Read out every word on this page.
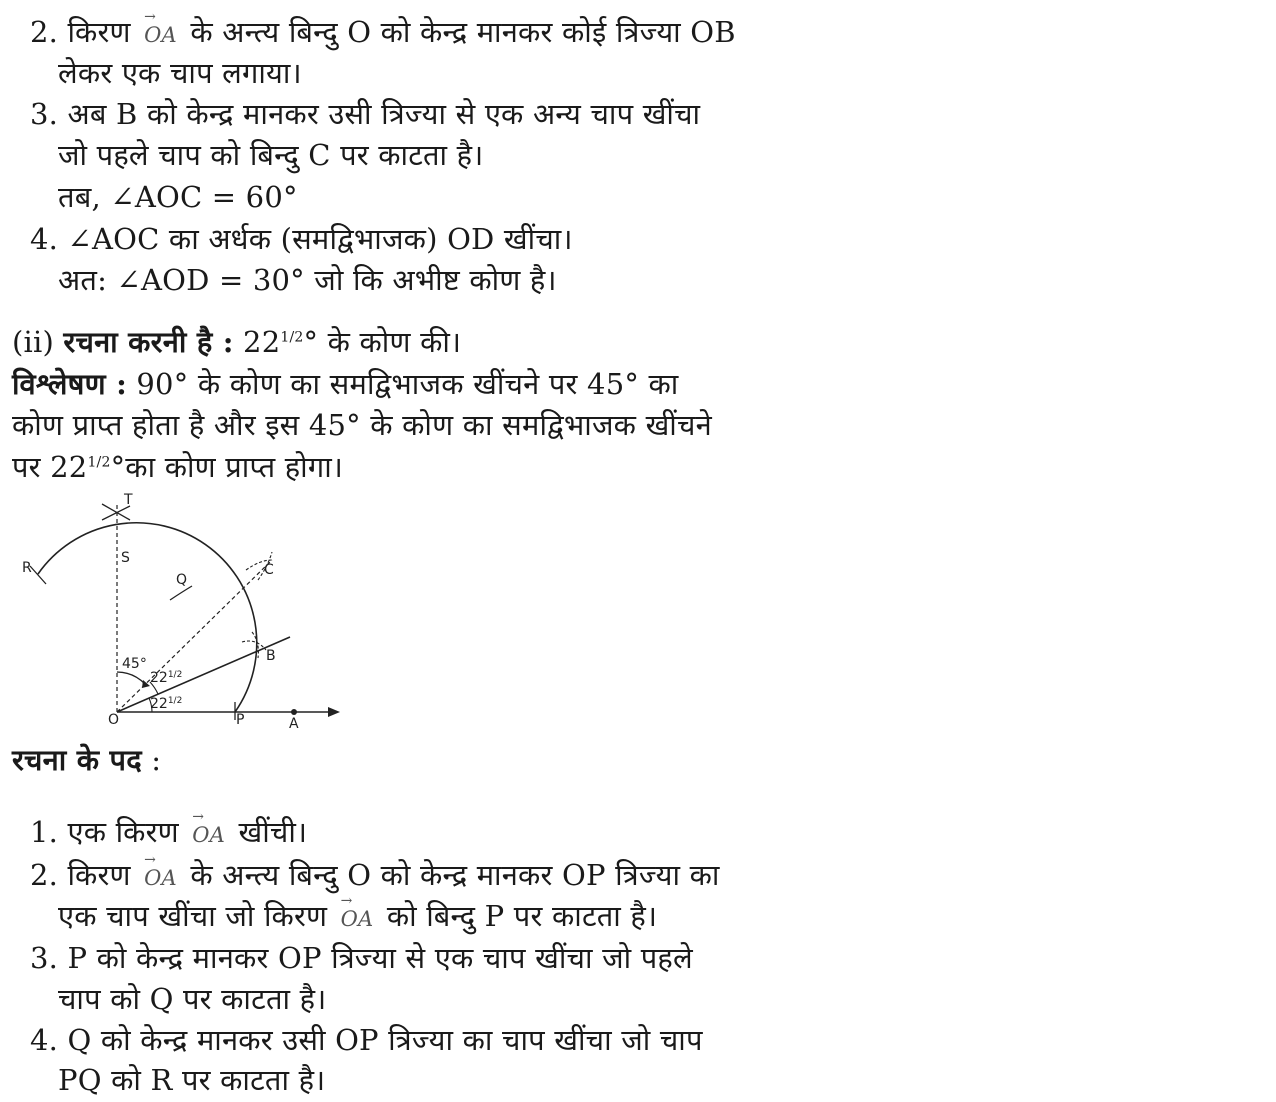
2. किरण → OA के अन्त्य बिन्दु O को केन्द्र मानकर कोई त्रिज्या OB
लेकर एक चाप लगाया।
3. अब B को केन्द्र मानकर उसी त्रिज्या से एक अन्य चाप खींचा
जो पहले चाप को बिन्दु C पर काटता है।
तब, ∠AOC = 60°
4. ∠AOC का अर्धक (समद्विभाजक) OD खींचा।
अत: ∠AOD = 30° जो कि अभीष्ट कोण है।
(ii) रचना करनी है : $22^{1/2}^\circ$ के कोण की।
विश्लेषण : 90° के कोण का समद्विभाजक खींचने पर 45° का
कोण प्राप्त होता है और इस 45° के कोण का समद्विभाजक खींचने
पर $22^{1/2}^\circ का$ कोण प्राप्त होगा।
T
S
R
Q
C
B
O	P	A
45°
$22^{1/2}$
$22^{1/2}$
रचना के पद :
1. एक किरण → OA खींची।
2. किरण → OA के अन्त्य बिन्दु O को केन्द्र मानकर OP त्रिज्या का
एक चाप खींचा जो किरण → OA को बिन्दु P पर काटता है।
3. P को केन्द्र मानकर OP त्रिज्या से एक चाप खींचा जो पहले
चाप को Q पर काटता है।
4. Q को केन्द्र मानकर उसी OP त्रिज्या का चाप खींचा जो चाप
PQ को R पर काटता है।
